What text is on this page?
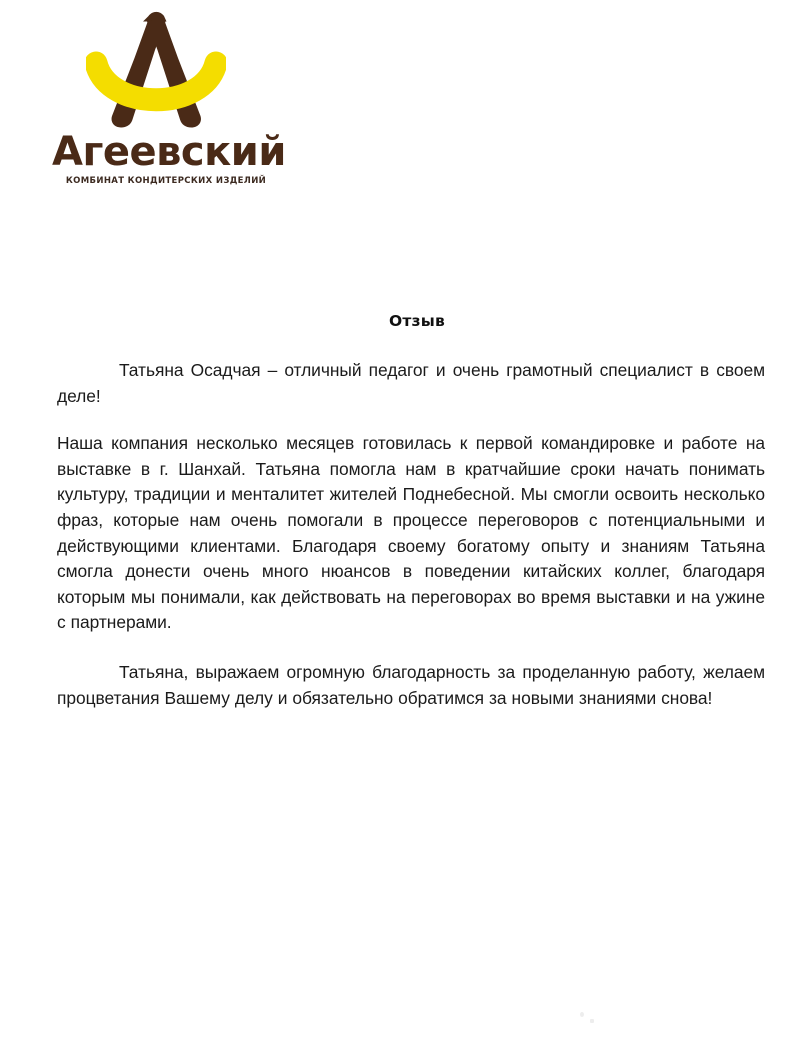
Агеевский
КОМБИНАТ КОНДИТЕРСКИХ ИЗДЕЛИЙ
Отзыв

Татьяна Осадчая – отличный педагог и очень грамотный специалист в своем деле!

Наша компания несколько месяцев готовилась к первой командировке и работе на выставке в г. Шанхай. Татьяна помогла нам в кратчайшие сроки начать понимать культуру, традиции и менталитет жителей Поднебесной. Мы смогли освоить несколько фраз, которые нам очень помогали в процессе переговоров с потенциальными и действующими клиентами. Благодаря своему богатому опыту и знаниям Татьяна смогла донести очень много нюансов в поведении китайских коллег, благодаря которым мы понимали, как действовать на переговорах во время выставки и на ужине с партнерами.

Татьяна, выражаем огромную благодарность за проделанную работу, желаем процветания Вашему делу и обязательно обратимся за новыми знаниями снова!
